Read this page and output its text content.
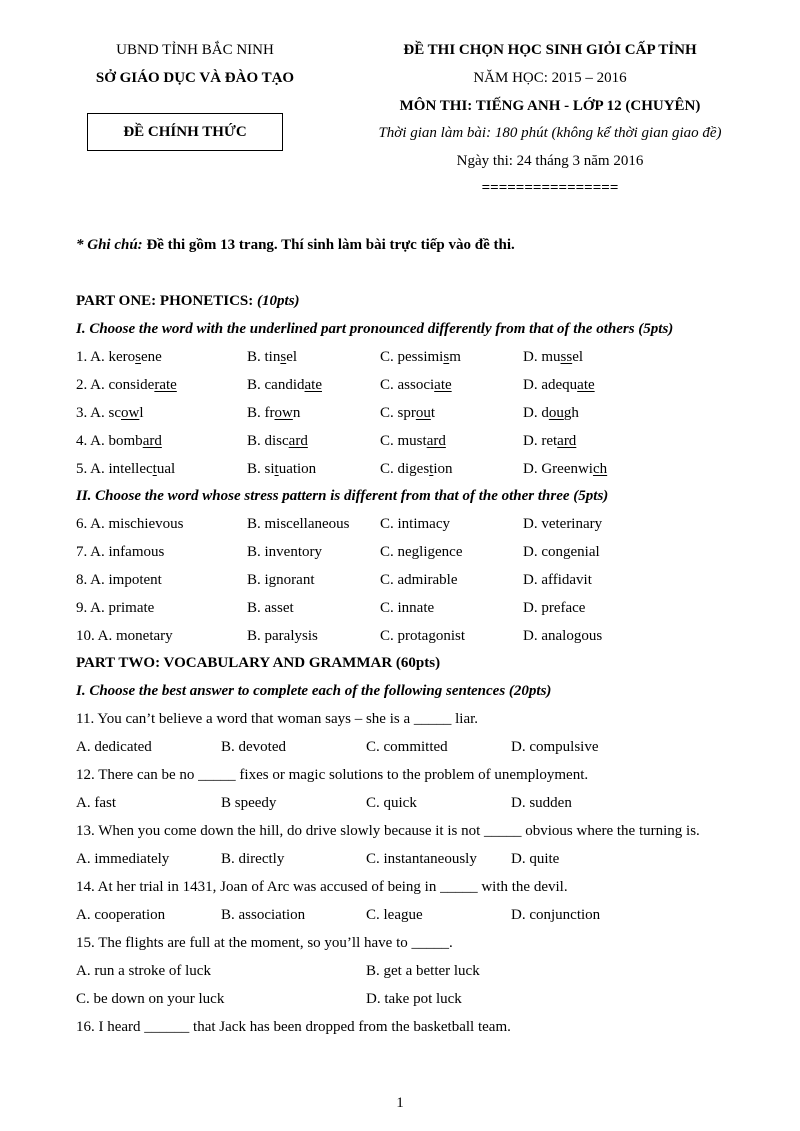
UBND TỈNH BẮC NINH
SỞ GIÁO DỤC VÀ ĐÀO TẠO
ĐỀ CHÍNH THỨC
ĐỀ THI CHỌN HỌC SINH GIỎI CẤP TỈNH
NĂM HỌC: 2015 – 2016
MÔN THI: TIẾNG ANH - LỚP 12 (CHUYÊN)
Thời gian làm bài: 180 phút (không kể thời gian giao đề)
Ngày thi: 24 tháng 3 năm 2016
================
* Ghi chú: Đề thi gồm 13 trang. Thí sinh làm bài trực tiếp vào đề thi.
PART ONE: PHONETICS: (10pts)
I. Choose the word with the underlined part pronounced differently from that of the others (5pts)
1. A. kerosene	B. tinsel	C. pessimism	D. mussel
2. A. considerate	B. candidate	C. associate	D. adequate
3. A. scowl	B. frown	C. sprout	D. dough
4. A. bombard	B. discard	C. mustard	D. retard
5. A. intellectual	B. situation	C. digestion	D. Greenwich
II. Choose the word whose stress pattern is different from that of the other three (5pts)
6. A. mischievous	B. miscellaneous C. intimacy	D. veterinary
7. A. infamous	B. inventory	C. negligence	D. congenial
8. A. impotent	B. ignorant	C. admirable	D. affidavit
9. A. primate	B. asset	C. innate	D. preface
10. A. monetary	B. paralysis	C. protagonist	D. analogous
PART TWO: VOCABULARY AND GRAMMAR (60pts)
I. Choose the best answer to complete each of the following sentences (20pts)
11. You can’t believe a word that woman says – she is a _____ liar.
A. dedicated	B. devoted	C. committed	D. compulsive
12. There can be no _____ fixes or magic solutions to the problem of unemployment.
A. fast	B speedy	C. quick	D. sudden
13. When you come down the hill, do drive slowly because it is not _____ obvious where the turning is.
A. immediately	B. directly	C. instantaneously D. quite
14. At her trial in 1431, Joan of Arc was accused of being in _____ with the devil.
A. cooperation	B. association	C. league	D. conjunction
15. The flights are full at the moment, so you’ll have to _____.
A. run a stroke of luck	B. get a better luck
C. be down on your luck	D. take pot luck
16. I heard ______ that Jack has been dropped from the basketball team.
1
